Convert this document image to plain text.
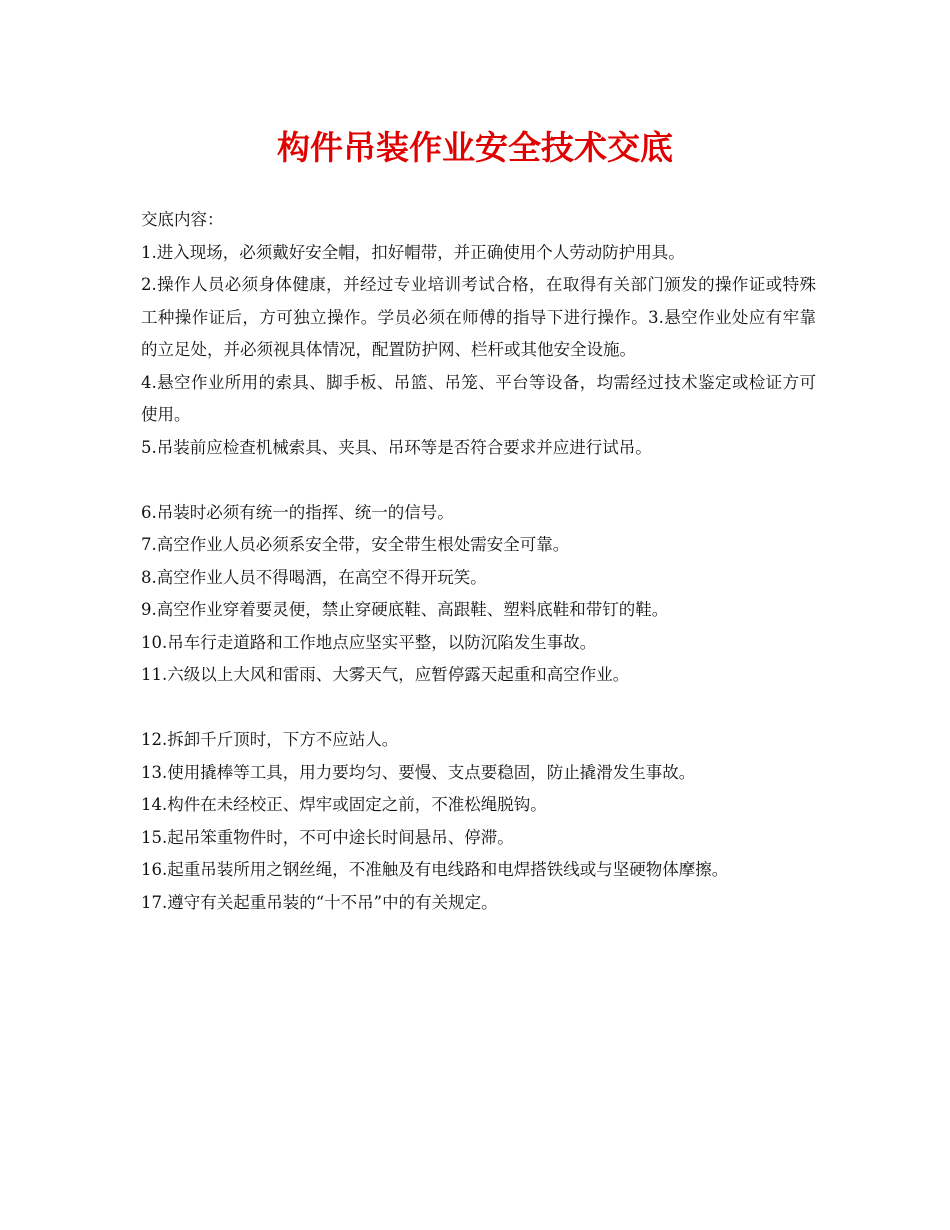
构件吊装作业安全技术交底

交底内容：

1.进入现场，必须戴好安全帽，扣好帽带，并正确使用个人劳动防护用具。

2.操作人员必须身体健康，并经过专业培训考试合格，在取得有关部门颁发的操作证或特殊工种操作证后，方可独立操作。学员必须在师傅的指导下进行操作。3.悬空作业处应有牢靠的立足处，并必须视具体情况，配置防护网、栏杆或其他安全设施。

4.悬空作业所用的索具、脚手板、吊篮、吊笼、平台等设备，均需经过技术鉴定或检证方可使用。

5.吊装前应检查机械索具、夹具、吊环等是否符合要求并应进行试吊。

6.吊装时必须有统一的指挥、统一的信号。

7.高空作业人员必须系安全带，安全带生根处需安全可靠。

8.高空作业人员不得喝酒，在高空不得开玩笑。

9.高空作业穿着要灵便，禁止穿硬底鞋、高跟鞋、塑料底鞋和带钉的鞋。

10.吊车行走道路和工作地点应坚实平整，以防沉陷发生事故。

11.六级以上大风和雷雨、大雾天气，应暂停露天起重和高空作业。

12.拆卸千斤顶时，下方不应站人。

13.使用撬棒等工具，用力要均匀、要慢、支点要稳固，防止撬滑发生事故。

14.构件在未经校正、焊牢或固定之前，不准松绳脱钩。

15.起吊笨重物件时，不可中途长时间悬吊、停滞。

16.起重吊装所用之钢丝绳，不准触及有电线路和电焊搭铁线或与坚硬物体摩擦。

17.遵守有关起重吊装的“十不吊”中的有关规定。
